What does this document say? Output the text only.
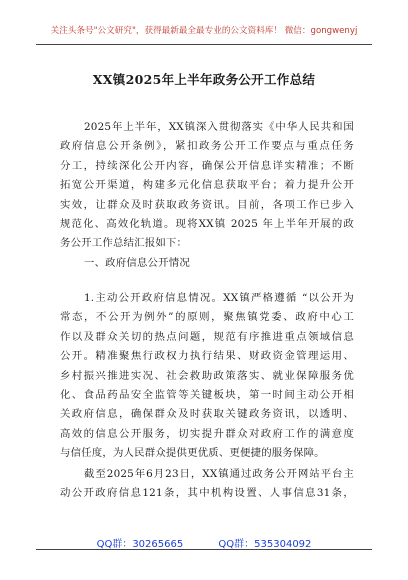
关注头条号"公文研究"，获得最新最全最专业的公文资料库！ 微信：gongwenyj
XX镇2025年上半年政务公开工作总结
2025年上半年，XX镇深入贯彻落实《中华人民共和国
政府信息公开条例》，紧扣政务公开工作要点与重点任务
分工，持续深化公开内容，确保公开信息详实精准；不断
拓宽公开渠道，构建多元化信息获取平台；着力提升公开
实效，让群众及时获取政务资讯。目前，各项工作已步入
规范化、高效化轨道。现将XX镇 2025 年上半年开展的政
务公开工作总结汇报如下：
一、政府信息公开情况
1.主动公开政府信息情况。XX镇严格遵循 “以公开为
常态，不公开为例外”的原则，聚焦镇党委、政府中心工
作以及群众关切的热点问题，规范有序推进重点领域信息
公开。精准聚焦行政权力执行结果、财政资金管理运用、
乡村振兴推进实况、社会救助政策落实、就业保障服务优
化、食品药品安全监管等关键板块，第一时间主动公开相
关政府信息，确保群众及时获取关键政务资讯，以透明、
高效的信息公开服务，切实提升群众对政府工作的满意度
与信任度，为人民群众提供更优质、更便捷的服务保障。
截至2025年6月23日，XX镇通过政务公开网站平台主
动公开政府信息121条，其中机构设置、人事信息31条，
QQ群：30265665	QQ群：535304092
